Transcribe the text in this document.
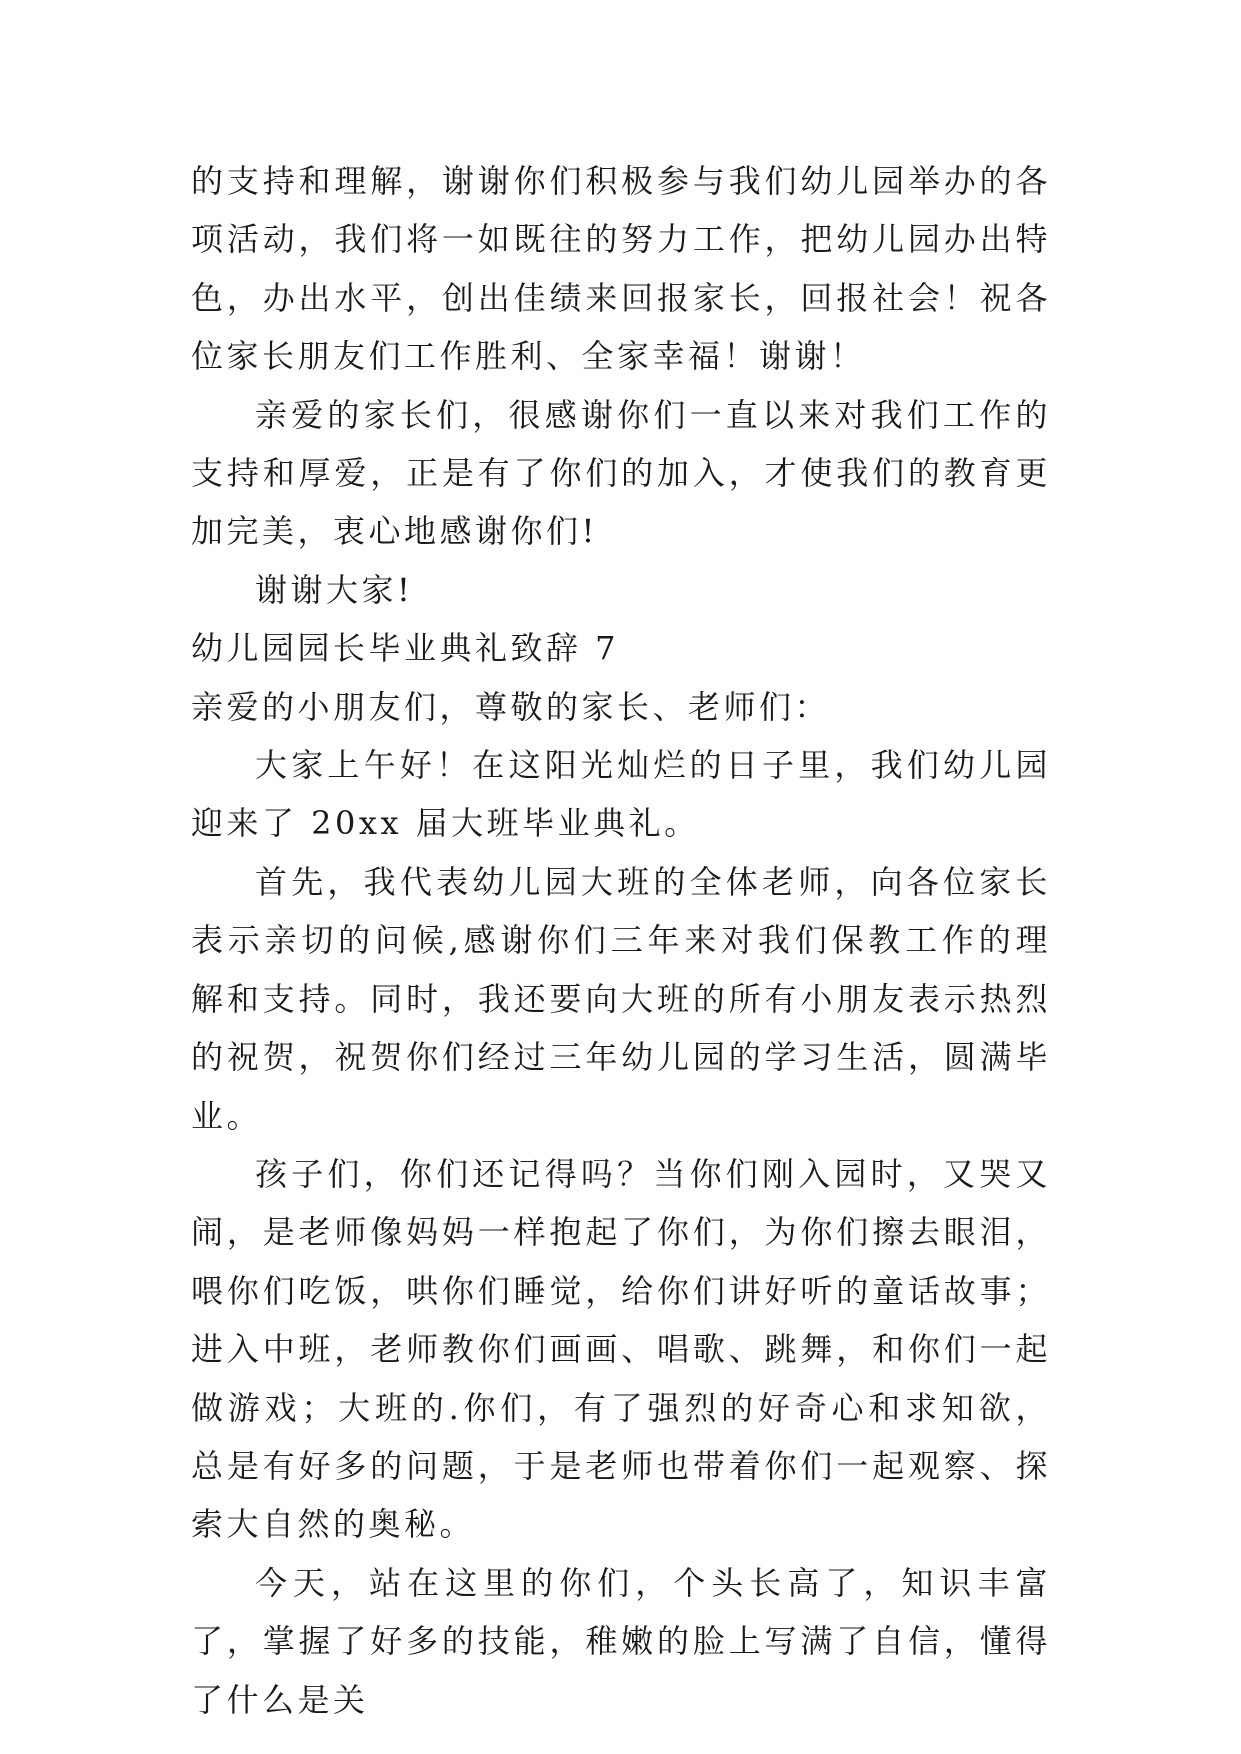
的支持和理解，谢谢你们积极参与我们幼儿园举办的各项活动，我们将一如既往的努力工作，把幼儿园办出特色，办出水平，创出佳绩来回报家长，回报社会！祝各位家长朋友们工作胜利、全家幸福！谢谢！

亲爱的家长们，很感谢你们一直以来对我们工作的支持和厚爱，正是有了你们的加入，才使我们的教育更加完美，衷心地感谢你们!

谢谢大家!

幼儿园园长毕业典礼致辞 7

亲爱的小朋友们，尊敬的家长、老师们：

大家上午好！在这阳光灿烂的日子里，我们幼儿园迎来了 20xx 届大班毕业典礼。

首先，我代表幼儿园大班的全体老师，向各位家长表示亲切的问候,感谢你们三年来对我们保教工作的理解和支持。同时，我还要向大班的所有小朋友表示热烈的祝贺，祝贺你们经过三年幼儿园的学习生活，圆满毕业。

孩子们，你们还记得吗？当你们刚入园时，又哭又闹，是老师像妈妈一样抱起了你们，为你们擦去眼泪，喂你们吃饭，哄你们睡觉，给你们讲好听的童话故事；进入中班，老师教你们画画、唱歌、跳舞，和你们一起做游戏；大班的.你们，有了强烈的好奇心和求知欲，总是有好多的问题，于是老师也带着你们一起观察、探索大自然的奥秘。

今天，站在这里的你们，个头长高了，知识丰富了，掌握了好多的技能，稚嫩的脸上写满了自信，懂得了什么是关
